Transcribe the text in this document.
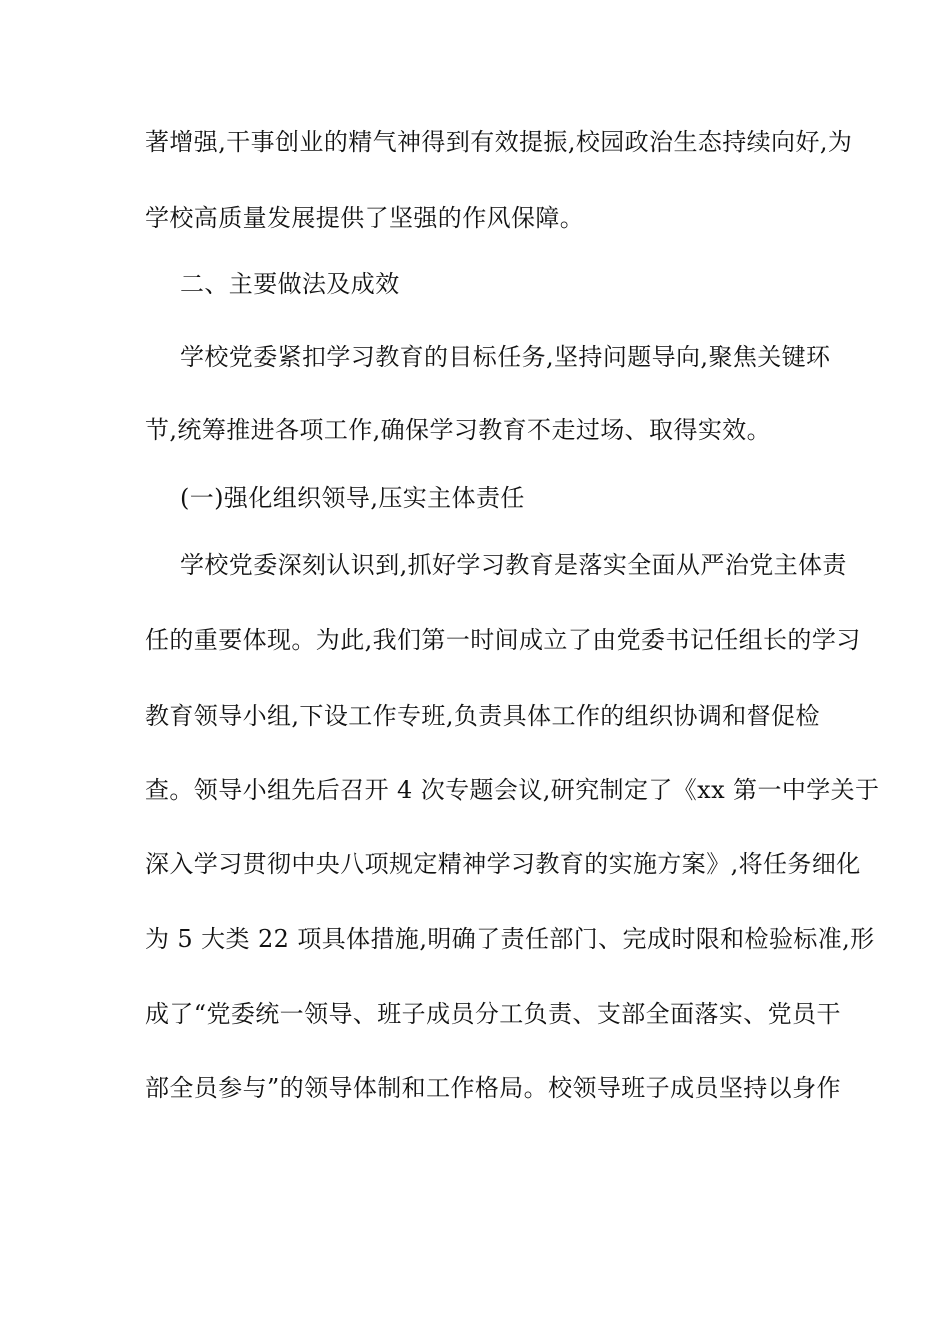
著增强,干事创业的精气神得到有效提振,校园政治生态持续向好,为
学校高质量发展提供了坚强的作风保障。
二、主要做法及成效
学校党委紧扣学习教育的目标任务,坚持问题导向,聚焦关键环
节,统筹推进各项工作,确保学习教育不走过场、取得实效。
(一)强化组织领导,压实主体责任
学校党委深刻认识到,抓好学习教育是落实全面从严治党主体责
任的重要体现。为此,我们第一时间成立了由党委书记任组长的学习
教育领导小组,下设工作专班,负责具体工作的组织协调和督促检
查。领导小组先后召开 4 次专题会议,研究制定了《xx 第一中学关于
深入学习贯彻中央八项规定精神学习教育的实施方案》,将任务细化
为 5 大类 22 项具体措施,明确了责任部门、完成时限和检验标准,形
成了“党委统一领导、班子成员分工负责、支部全面落实、党员干
部全员参与”的领导体制和工作格局。校领导班子成员坚持以身作
